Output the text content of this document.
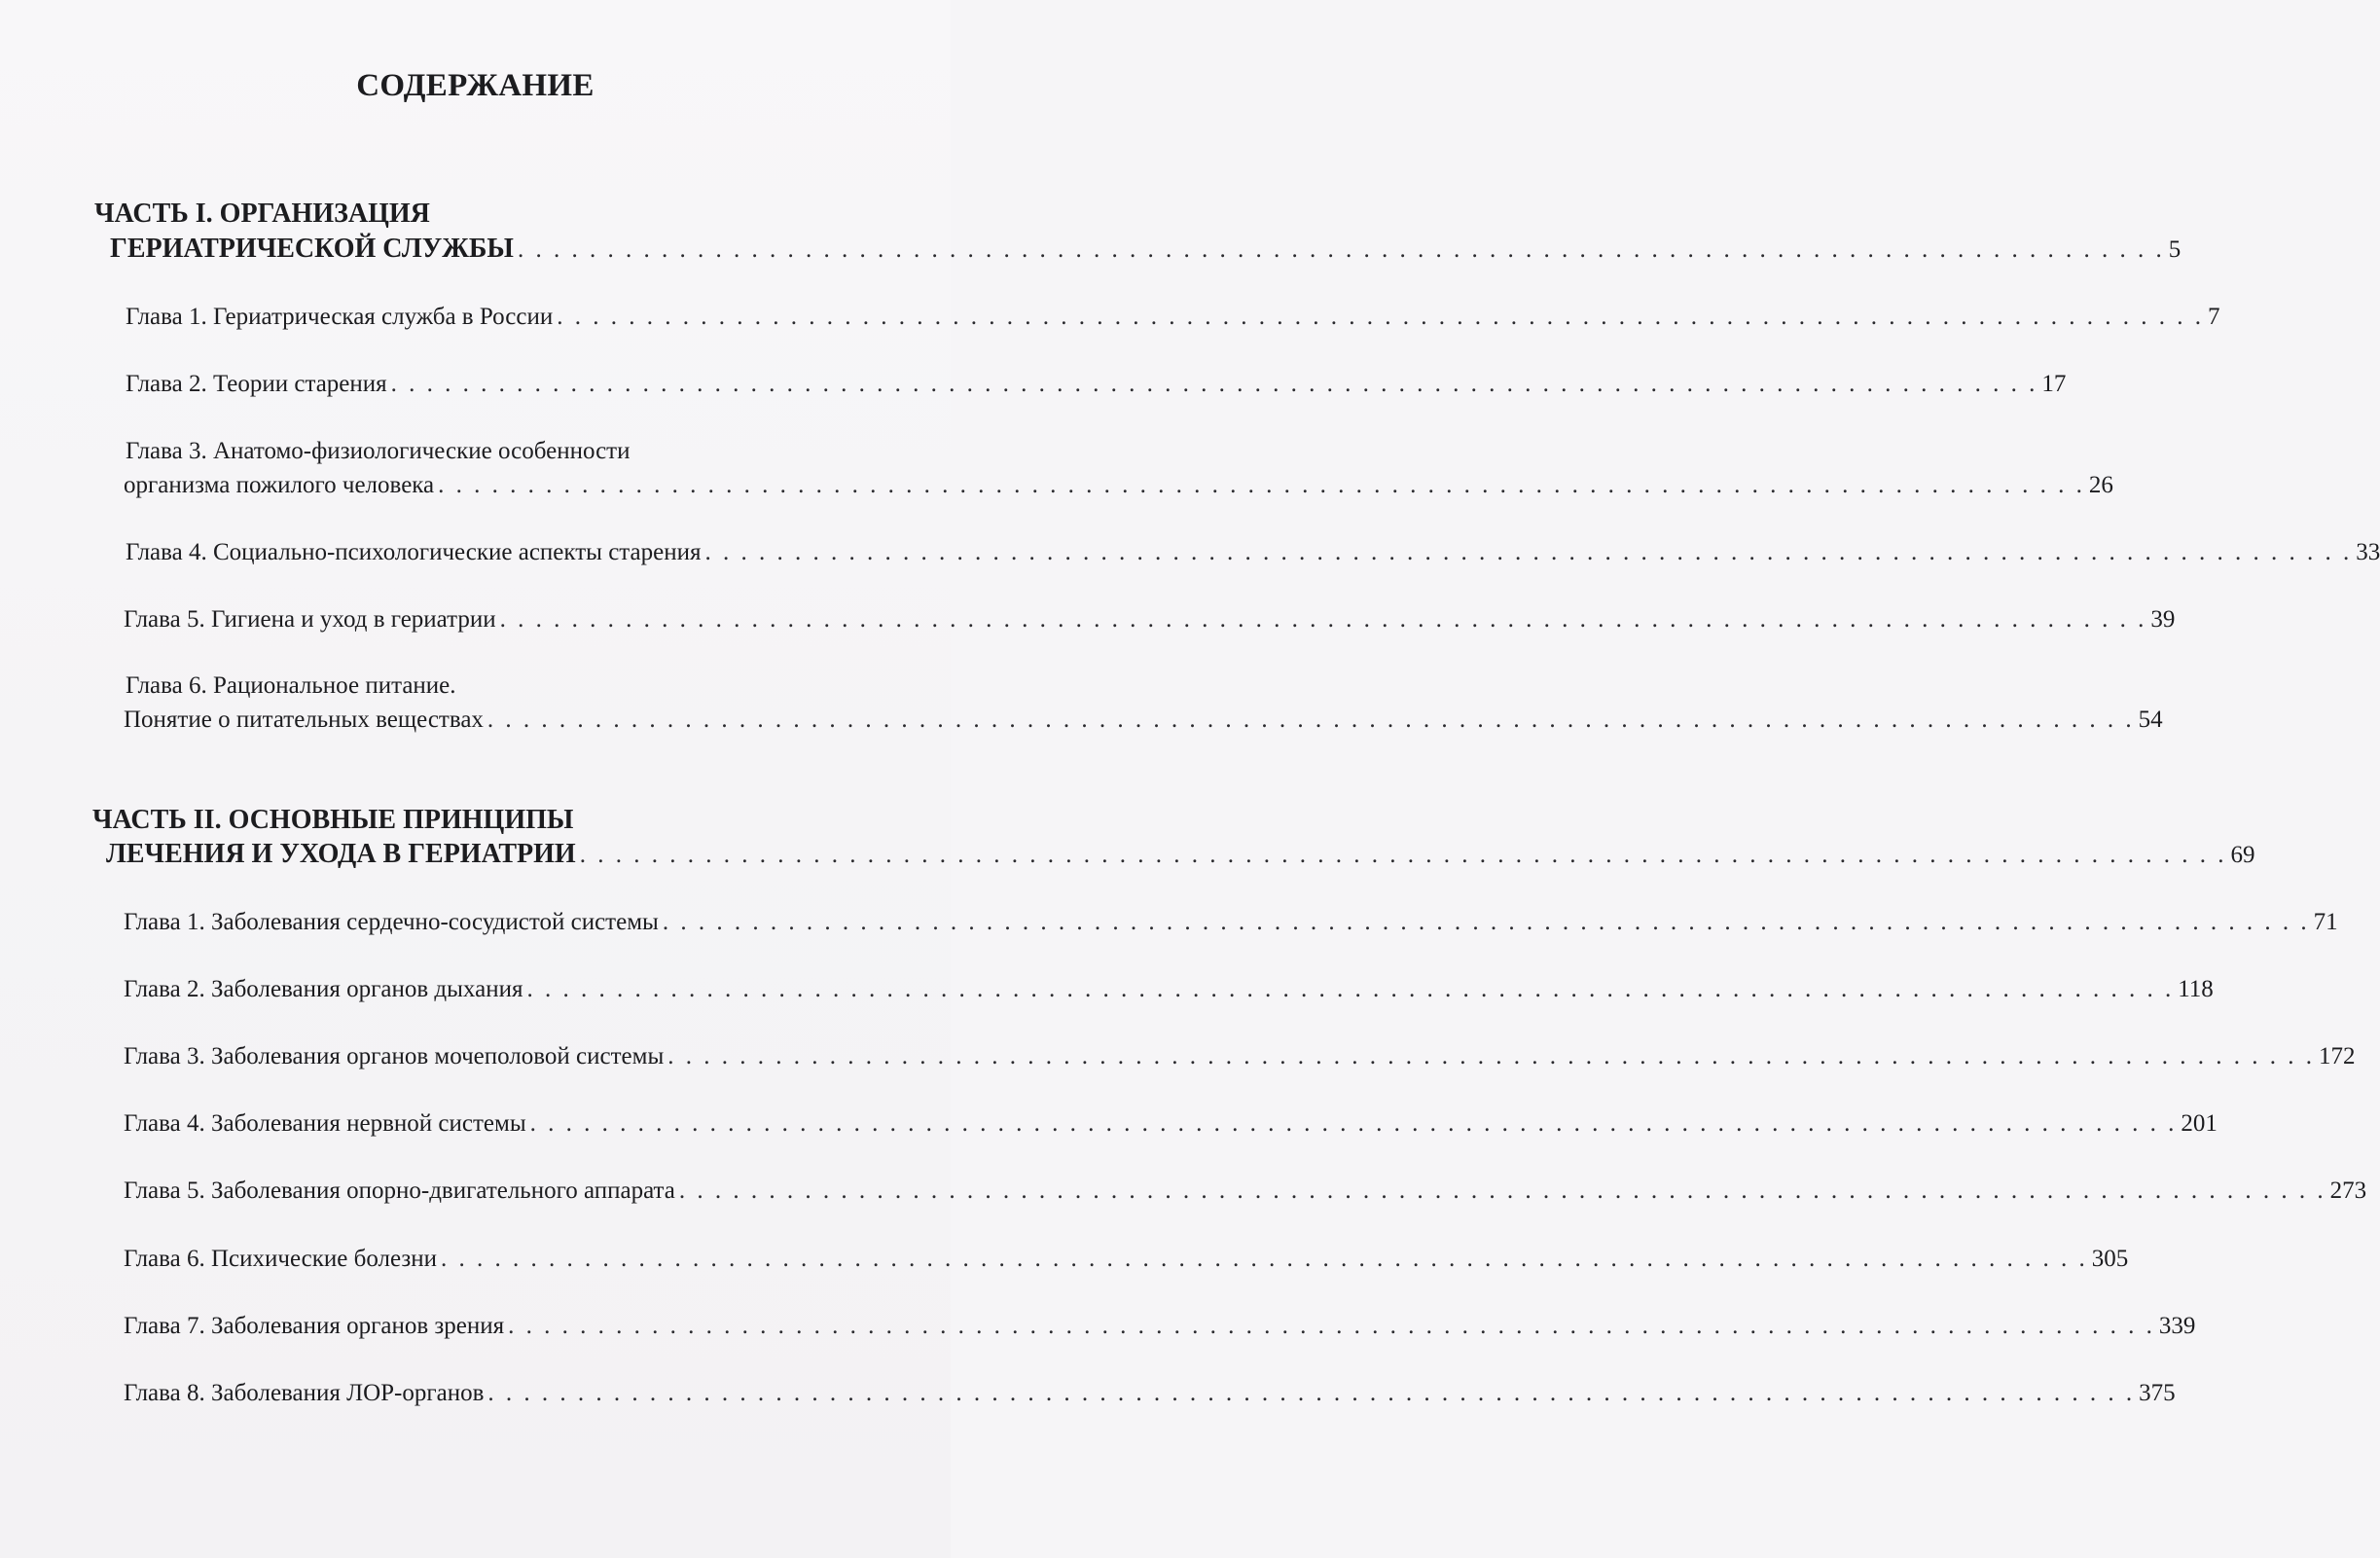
СОДЕРЖАНИЕ
ЧАСТЬ I. ОРГАНИЗАЦИЯ
ГЕРИАТРИЧЕСКОЙ СЛУЖБЫ . . . . . . . . . . . . . . . . . . . . . . . . . . . . . . . . . . . . . . . . . . . . . . . . . . . . . . . . . . . . . . . . . . . . . . . . . . . . . . . . . . . . . . . . . . . . 5
Глава 1. Гериатрическая служба в России . . . . . . . . . . . . . . . . . . . . . . . . . . . . . . . . . . . . . . . . . . . . . . . . . . . . . . . . . . . . . . . . . . . . . . . . . . . . . . . . . . . . . . . . . . . . 7
Глава 2. Теории старения . . . . . . . . . . . . . . . . . . . . . . . . . . . . . . . . . . . . . . . . . . . . . . . . . . . . . . . . . . . . . . . . . . . . . . . . . . . . . . . . . . . . . . . . . . . . 17
Глава 3. Анатомо-физиологические особенности
организма пожилого человека . . . . . . . . . . . . . . . . . . . . . . . . . . . . . . . . . . . . . . . . . . . . . . . . . . . . . . . . . . . . . . . . . . . . . . . . . . . . . . . . . . . . . . . . . . . . 26
Глава 4. Социально-психологические аспекты старения . . . . . . . . . . . . . . . . . . . . . . . . . . . . . . . . . . . . . . . . . . . . . . . . . . . . . . . . . . . . . . . . . . . . . . . . . . . . . . . . . . . . . . . . . . . . 33
Глава 5. Гигиена и уход в гериатрии . . . . . . . . . . . . . . . . . . . . . . . . . . . . . . . . . . . . . . . . . . . . . . . . . . . . . . . . . . . . . . . . . . . . . . . . . . . . . . . . . . . . . . . . . . . . 39
Глава 6. Рациональное питание.
Понятие о питательных веществах . . . . . . . . . . . . . . . . . . . . . . . . . . . . . . . . . . . . . . . . . . . . . . . . . . . . . . . . . . . . . . . . . . . . . . . . . . . . . . . . . . . . . . . . . . . . 54
ЧАСТЬ II. ОСНОВНЫЕ ПРИНЦИПЫ
ЛЕЧЕНИЯ И УХОДА В ГЕРИАТРИИ . . . . . . . . . . . . . . . . . . . . . . . . . . . . . . . . . . . . . . . . . . . . . . . . . . . . . . . . . . . . . . . . . . . . . . . . . . . . . . . . . . . . . . . . . . . . 69
Глава 1. Заболевания сердечно-сосудистой системы . . . . . . . . . . . . . . . . . . . . . . . . . . . . . . . . . . . . . . . . . . . . . . . . . . . . . . . . . . . . . . . . . . . . . . . . . . . . . . . . . . . . . . . . . . . . 71
Глава 2. Заболевания органов дыхания . . . . . . . . . . . . . . . . . . . . . . . . . . . . . . . . . . . . . . . . . . . . . . . . . . . . . . . . . . . . . . . . . . . . . . . . . . . . . . . . . . . . . . . . . . . . 118
Глава 3. Заболевания органов мочеполовой системы . . . . . . . . . . . . . . . . . . . . . . . . . . . . . . . . . . . . . . . . . . . . . . . . . . . . . . . . . . . . . . . . . . . . . . . . . . . . . . . . . . . . . . . . . . . . 172
Глава 4. Заболевания нервной системы . . . . . . . . . . . . . . . . . . . . . . . . . . . . . . . . . . . . . . . . . . . . . . . . . . . . . . . . . . . . . . . . . . . . . . . . . . . . . . . . . . . . . . . . . . . . 201
Глава 5. Заболевания опорно-двигательного аппарата . . . . . . . . . . . . . . . . . . . . . . . . . . . . . . . . . . . . . . . . . . . . . . . . . . . . . . . . . . . . . . . . . . . . . . . . . . . . . . . . . . . . . . . . . . . . 273
Глава 6. Психические болезни . . . . . . . . . . . . . . . . . . . . . . . . . . . . . . . . . . . . . . . . . . . . . . . . . . . . . . . . . . . . . . . . . . . . . . . . . . . . . . . . . . . . . . . . . . . . 305
Глава 7. Заболевания органов зрения . . . . . . . . . . . . . . . . . . . . . . . . . . . . . . . . . . . . . . . . . . . . . . . . . . . . . . . . . . . . . . . . . . . . . . . . . . . . . . . . . . . . . . . . . . . . 339
Глава 8. Заболевания ЛОР-органов . . . . . . . . . . . . . . . . . . . . . . . . . . . . . . . . . . . . . . . . . . . . . . . . . . . . . . . . . . . . . . . . . . . . . . . . . . . . . . . . . . . . . . . . . . . . 375
